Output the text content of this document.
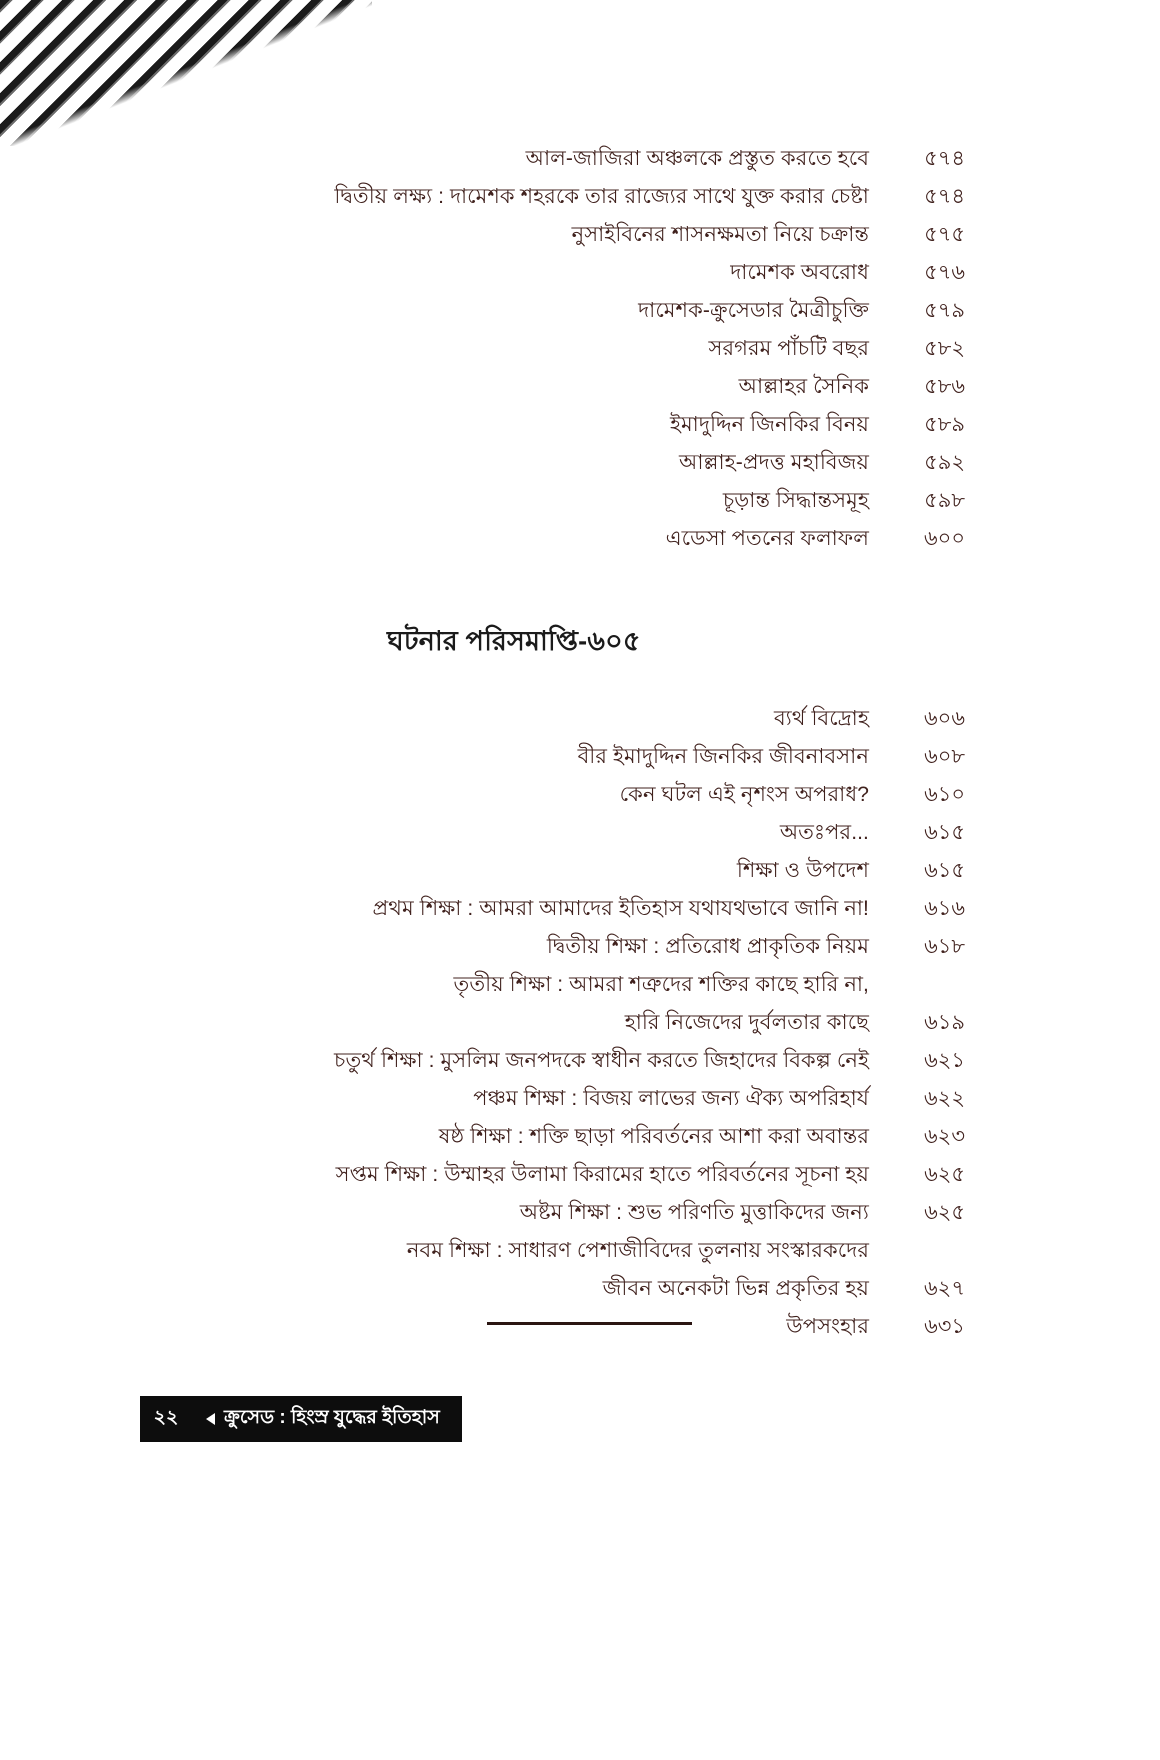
আল-জাজিরা অঞ্চলকে প্রস্তুত করতে হবে	৫৭৪
দ্বিতীয় লক্ষ্য : দামেশক শহরকে তার রাজ্যের সাথে যুক্ত করার চেষ্টা	৫৭৪
নুসাইবিনের শাসনক্ষমতা নিয়ে চক্রান্ত	৫৭৫
দামেশক অবরোধ	৫৭৬
দামেশক-ক্রুসেডার মৈত্রীচুক্তি	৫৭৯
সরগরম পাঁচটি বছর	৫৮২
আল্লাহর সৈনিক	৫৮৬
ইমাদুদ্দিন জিনকির বিনয়	৫৮৯
আল্লাহ-প্রদত্ত মহাবিজয়	৫৯২
চূড়ান্ত সিদ্ধান্তসমূহ	৫৯৮
এডেসা পতনের ফলাফল	৬০০
ঘটনার পরিসমাপ্তি-৬০৫
ব্যর্থ বিদ্রোহ	৬০৬
বীর ইমাদুদ্দিন জিনকির জীবনাবসান	৬০৮
কেন ঘটল এই নৃশংস অপরাধ?	৬১০
অতঃপর...	৬১৫
শিক্ষা ও উপদেশ	৬১৫
প্রথম শিক্ষা : আমরা আমাদের ইতিহাস যথাযথভাবে জানি না!	৬১৬
দ্বিতীয় শিক্ষা : প্রতিরোধ প্রাকৃতিক নিয়ম	৬১৮
তৃতীয় শিক্ষা : আমরা শত্রুদের শক্তির কাছে হারি না,
হারি নিজেদের দুর্বলতার কাছে	৬১৯
চতুর্থ শিক্ষা : মুসলিম জনপদকে স্বাধীন করতে জিহাদের বিকল্প নেই	৬২১
পঞ্চম শিক্ষা : বিজয় লাভের জন্য ঐক্য অপরিহার্য	৬২২
ষষ্ঠ শিক্ষা : শক্তি ছাড়া পরিবর্তনের আশা করা অবান্তর	৬২৩
সপ্তম শিক্ষা : উম্মাহর উলামা কিরামের হাতে পরিবর্তনের সূচনা হয়	৬২৫
অষ্টম শিক্ষা : শুভ পরিণতি মুত্তাকিদের জন্য	৬২৫
নবম শিক্ষা : সাধারণ পেশাজীবিদের তুলনায় সংস্কারকদের
জীবন অনেকটা ভিন্ন প্রকৃতির হয়	৬২৭
উপসংহার	৬৩১
২২	ক্রুসেড : হিংস্র যুদ্ধের ইতিহাস
